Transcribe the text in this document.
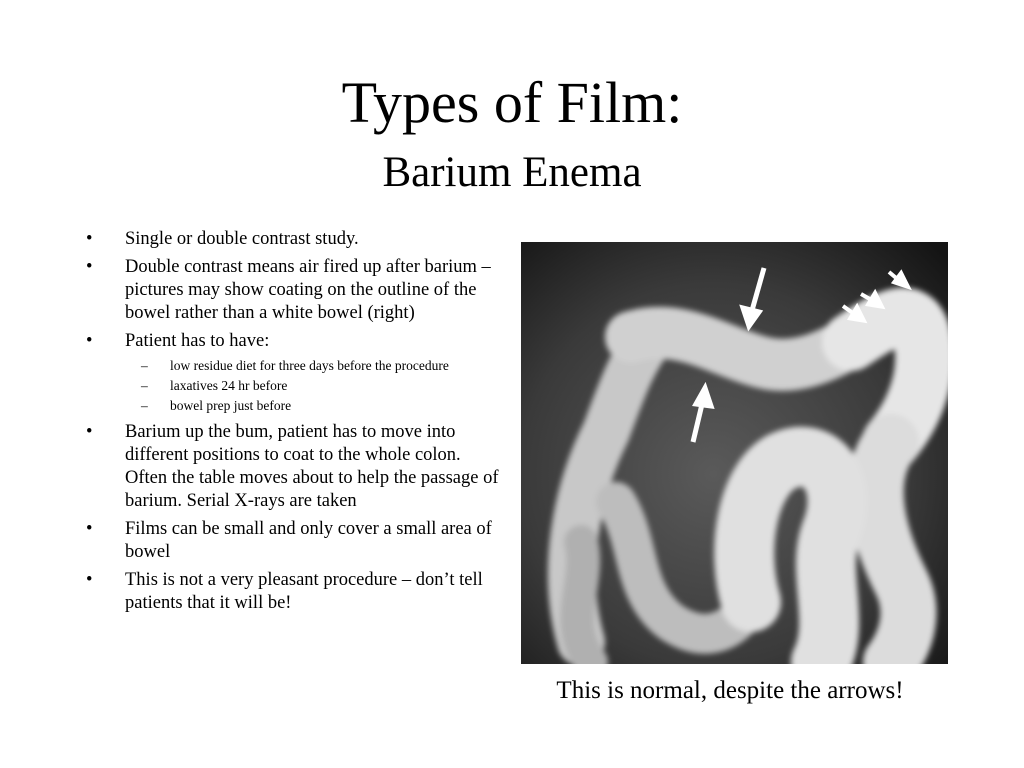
Types of Film:
Barium Enema
• Single or double contrast study.
• Double contrast means air fired up after barium – pictures may show coating on the outline of the bowel rather than a white bowel (right)
• Patient has to have:
– low residue diet for three days before the procedure
– laxatives 24 hr before
– bowel prep just before
• Barium up the bum, patient has to move into different positions to coat to the whole colon. Often the table moves about to help the passage of barium. Serial X-rays are taken
• Films can be small and only cover a small area of bowel
• This is not a very pleasant procedure – don’t tell patients that it will be!
This is normal, despite the arrows!
